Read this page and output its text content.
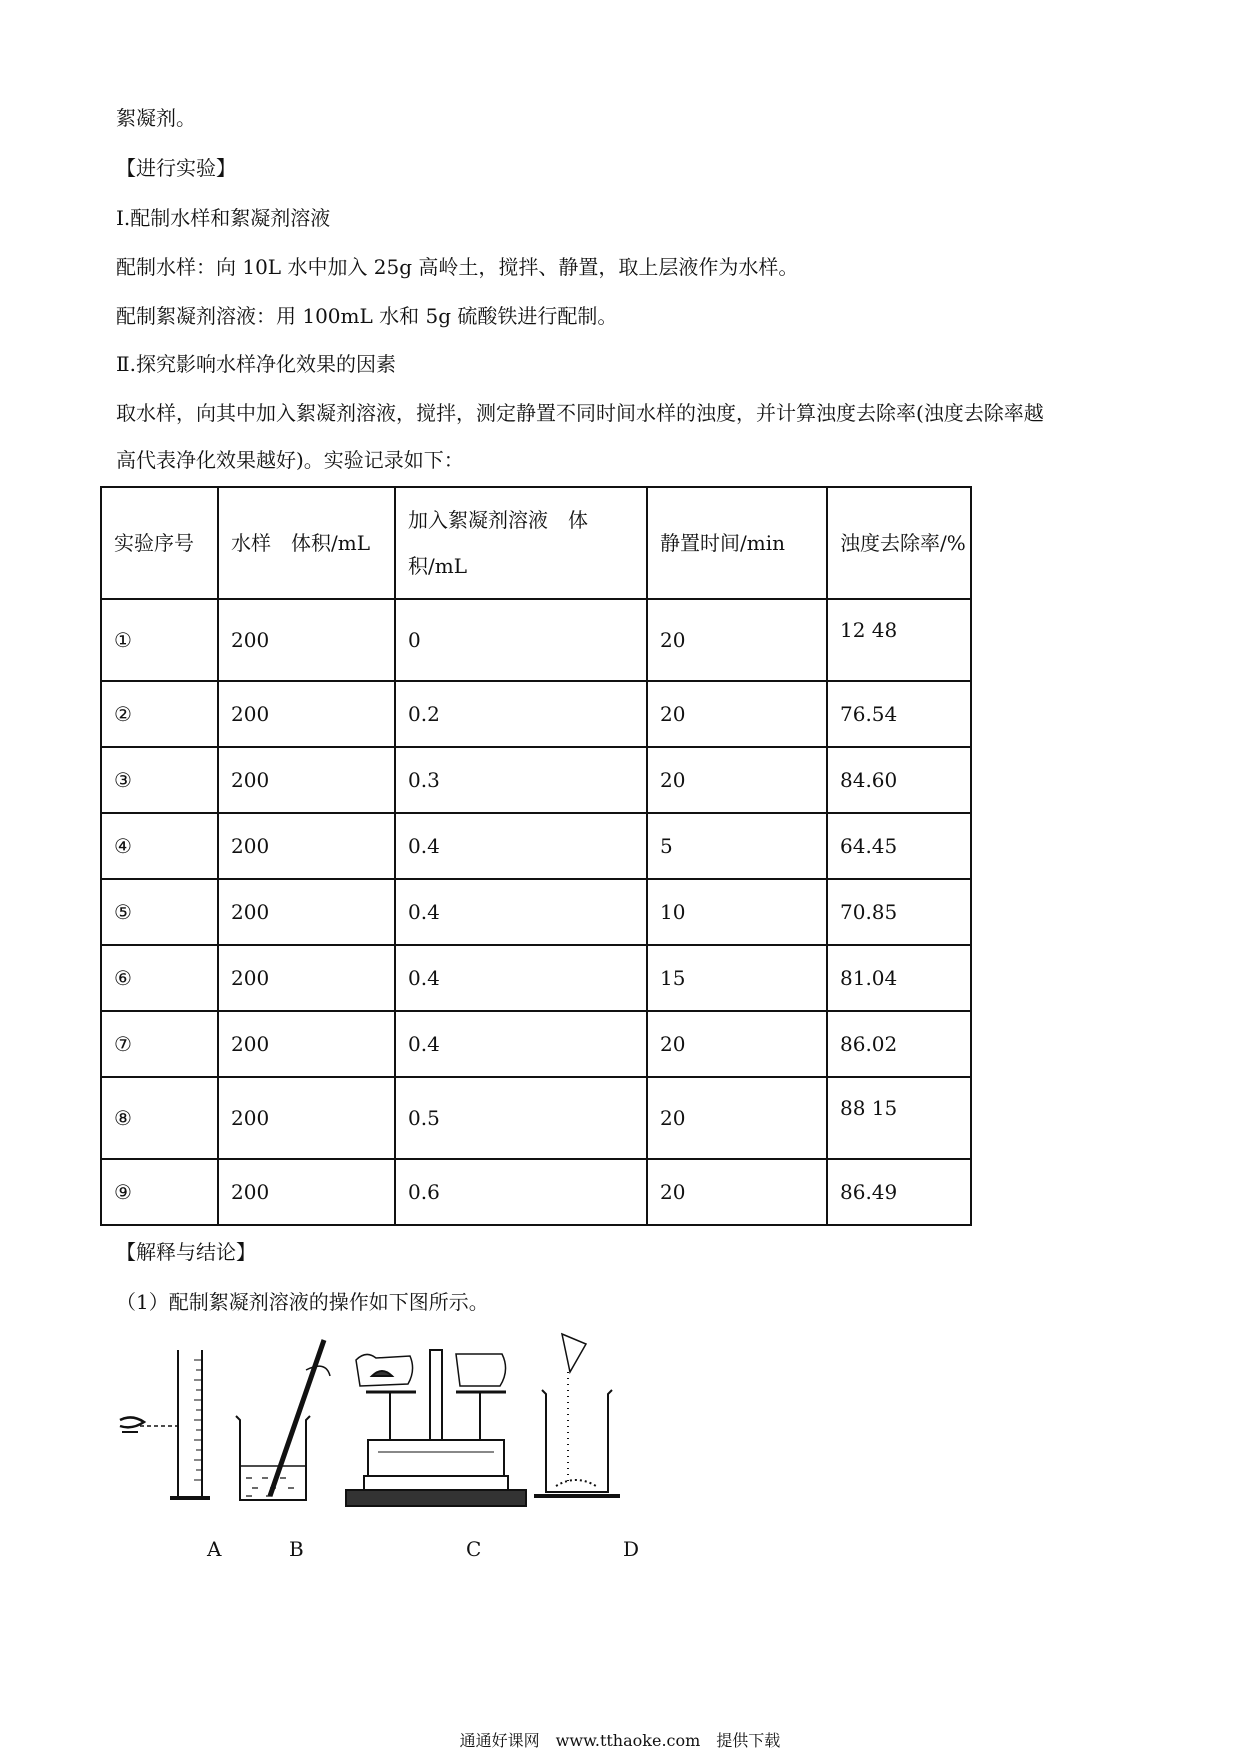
絮凝剂。
【进行实验】
Ⅰ.配制水样和絮凝剂溶液
配制水样：向 10L 水中加入 25g 高岭土，搅拌、静置，取上层液作为水样。
配制絮凝剂溶液：用 100mL 水和 5g 硫酸铁进行配制。
Ⅱ.探究影响水样净化效果的因素
取水样，向其中加入絮凝剂溶液，搅拌，测定静置不同时间水样的浊度，并计算浊度去除率(浊度去除率越
高代表净化效果越好)。实验记录如下：
实验序号	水样　体积/mL	加入絮凝剂溶液　体积/mL	静置时间/min	浊度去除率/%
①	200	0	20	12 48
②	200	0.2	20	76.54
③	200	0.3	20	84.60
④	200	0.4	5	64.45
⑤	200	0.4	10	70.85
⑥	200	0.4	15	81.04
⑦	200	0.4	20	86.02
⑧	200	0.5	20	88 15
⑨	200	0.6	20	86.49
【解释与结论】
（1）配制絮凝剂溶液的操作如下图所示。
A	B	C	D
通通好课网　www.tthaoke.com　提供下载
